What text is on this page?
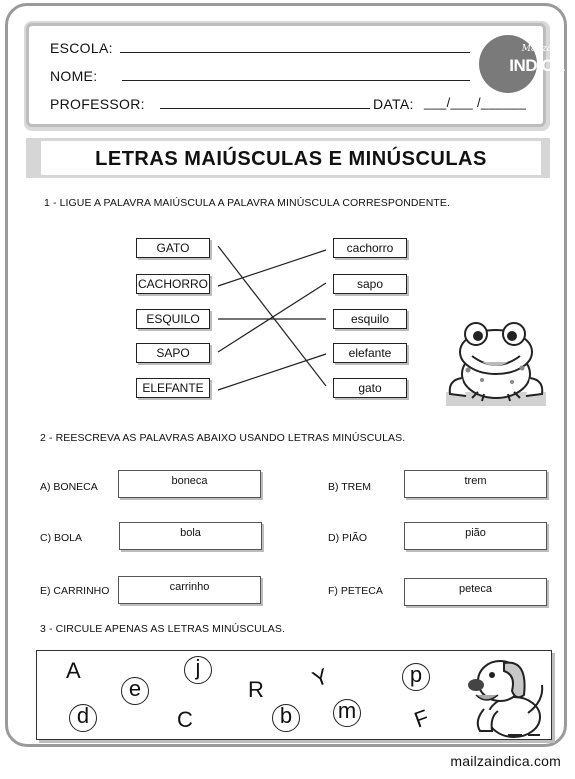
ESCOLA:
NOME:
PROFESSOR:	DATA: ___/___ /______
Mailza
INDICA
LETRAS MAIÚSCULAS E MINÚSCULAS
1 - LIGUE A PALAVRA MAIÚSCULA A PALAVRA MINÚSCULA CORRESPONDENTE.
GATO
CACHORRO
ESQUILO
SAPO
ELEFANTE
cachorro
sapo
esquilo
elefante
gato
2 - REESCREVA AS PALAVRAS ABAIXO USANDO LETRAS MINÚSCULAS.
A) BONECA	boneca	B) TREM	trem
C) BOLA	bola	D) PIÃO	pião
E) CARRINHO	carrinho	F) PETECA	peteca
3 - CIRCULE APENAS AS LETRAS MINÚSCULAS.
A
e
j
R Y	p
d	C	b	m F
mailzaindica.com
